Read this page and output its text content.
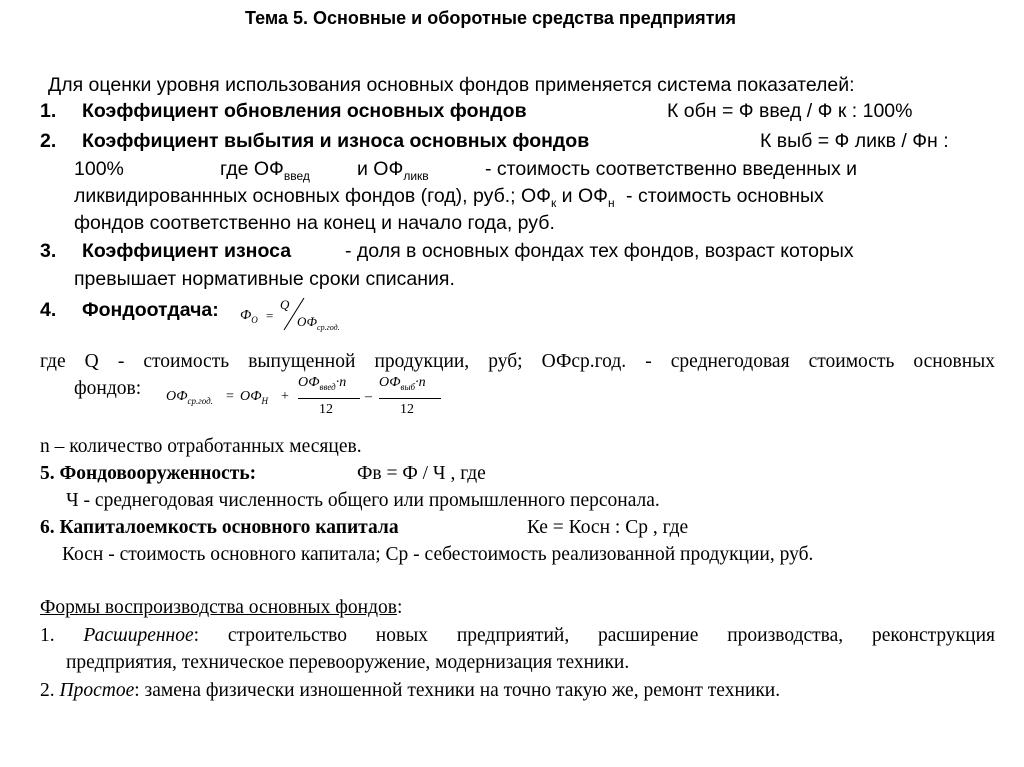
Тема 5. Основные и оборотные средства предприятия
Для оценки уровня использования основных фондов применяется система показателей:
1. Коэффициент обновления основных фондов	К обн = Ф введ / Ф к : 100%
2. Коэффициент выбытия и износа основных фондов	К выб = Ф ликв / Фн :
100%	где $ОФ_{введ}$ и $ОФ_{ликв}$	- стоимость соответственно введенных и
ликвидированнных основных фондов (год), руб.; $ОФ_к$ и $ОФ_н$ - стоимость основных
фондов соответственно на конец и начало года, руб.
3. Коэффициент износа	- доля в основных фондах тех фондов, возраст которых
превышает нормативные сроки списания.
4. Фондоотдача: $Ф_О$ =
Q
$ОФ_{ср.год.}$
где Q - стоимость выпущенной продукции, руб; ОФср.год. - среднегодовая стоимость основных
фондов: $ОФ_{ср.год.} = ОФ_Н$ +
$ОФ_{введ}\cdot n$
12
–
$ОФ_{выб}\cdot n$
12
n – количество отработанных месяцев.
5. Фондовооруженность:	Фв = Ф / Ч , где
Ч - среднегодовая численность общего или промышленного персонала.
6. Капиталоемкость основного капитала	Ке = Косн : Ср , где
Косн - стоимость основного капитала; Ср - себестоимость реализованной продукции, руб.
Формы воспроизводства основных фондов:
1. Расширенное: строительство новых предприятий, расширение производства, реконструкция
предприятия, техническое перевооружение, модернизация техники.
2. Простое: замена физически изношенной техники на точно такую же, ремонт техники.
